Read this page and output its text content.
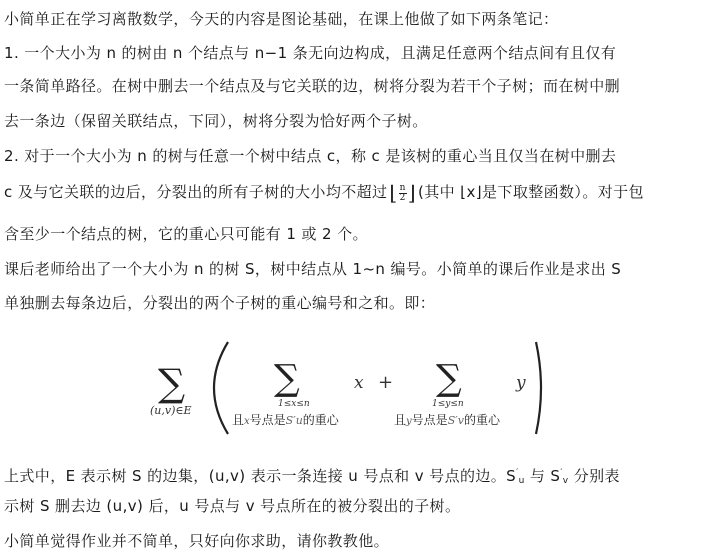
小简单正在学习离散数学，今天的内容是图论基础，在课上他做了如下两条笔记：
1. 一个大小为 n 的树由 n 个结点与 n−1 条无向边构成，且满足任意两个结点间有且仅有
一条简单路径。在树中删去一个结点及与它关联的边，树将分裂为若干个子树；而在树中删
去一条边（保留关联结点，下同），树将分裂为恰好两个子树。
2. 对于一个大小为 n 的树与任意一个树中结点 c，称 c 是该树的重心当且仅当在树中删去
c 及与它关联的边后，分裂出的所有子树的大小均不超过 ⌊ $\frac{n}{2}$ ⌋ (其中 ⌊x⌋是下取整函数）。对于包
含至少一个结点的树，它的重心只可能有 1 或 2 个。
课后老师给出了一个大小为 n 的树 S，树中结点从 1~n 编号。小简单的课后作业是求出 S
单独删去每条边后，分裂出的两个子树的重心编号和之和。即：
∑
(u,v)∈E
∑
1≤x≤n
且x号点是S′u的重心
x + ∑
1≤y≤n
且y号点是S′v的重心
y
上式中，E 表示树 S 的边集，(u,v) 表示一条连接 u 号点和 v 号点的边。S′u 与 S′v 分别表
示树 S 删去边 (u,v) 后，u 号点与 v 号点所在的被分裂出的子树。
小简单觉得作业并不简单，只好向你求助，请你教教他。
